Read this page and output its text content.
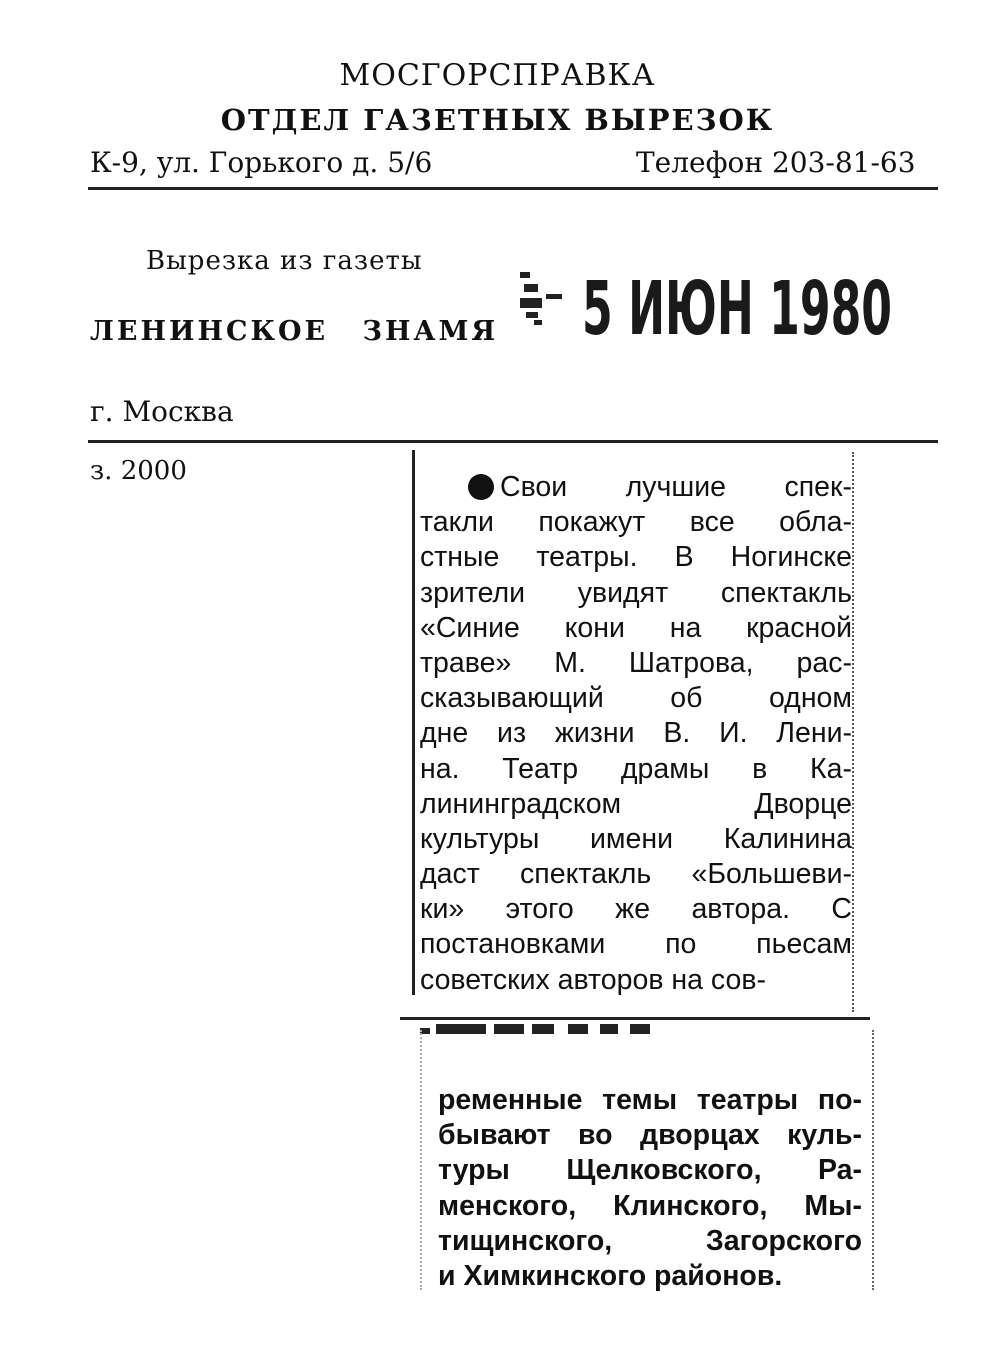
МОСГОРСПРАВКА
ОТДЕЛ ГАЗЕТНЫХ ВЫРЕЗОК
К-9, ул. Горького д. 5/6	Телефон 203-81-63
Вырезка из газеты
ЛЕНИНСКОЕ ЗНАМЯ 5 ИЮН 1980
г. Москва
з. 2000	Свои лучшие спек-
такли покажут все обла-
стные театры. В Ногинске
зрители увидят спектакль
«Синие кони на красной
траве» М. Шатрова, рас-
сказывающий об одном
дне из жизни В. И. Лени-
на. Театр драмы в Ка-
лининградском Дворце
культуры имени Калинина
даст спектакль «Большеви-
ки» этого же автора. С
постановками по пьесам
советских авторов на сов-
ременные темы театры по-
бывают во дворцах куль-
туры Щелковского, Ра-
менского, Клинского, Мы-
тищинского, Загорского
и Химкинского районов.
